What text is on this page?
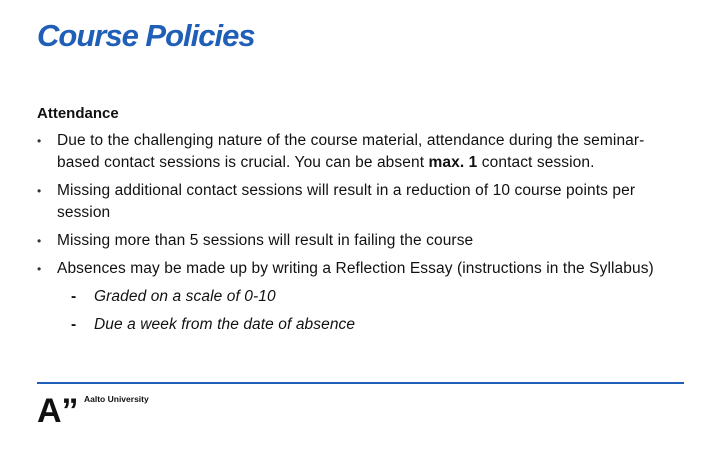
Course Policies
Attendance
• Due to the challenging nature of the course material, attendance during the seminar-based contact sessions is crucial. You can be absent max. 1 contact session.
• Missing additional contact sessions will result in a reduction of 10 course points per session
• Missing more than 5 sessions will result in failing the course
• Absences may be made up by writing a Reflection Essay (instructions in the Syllabus)
- Graded on a scale of 0-10
- Due a week from the date of absence
A” Aalto University
